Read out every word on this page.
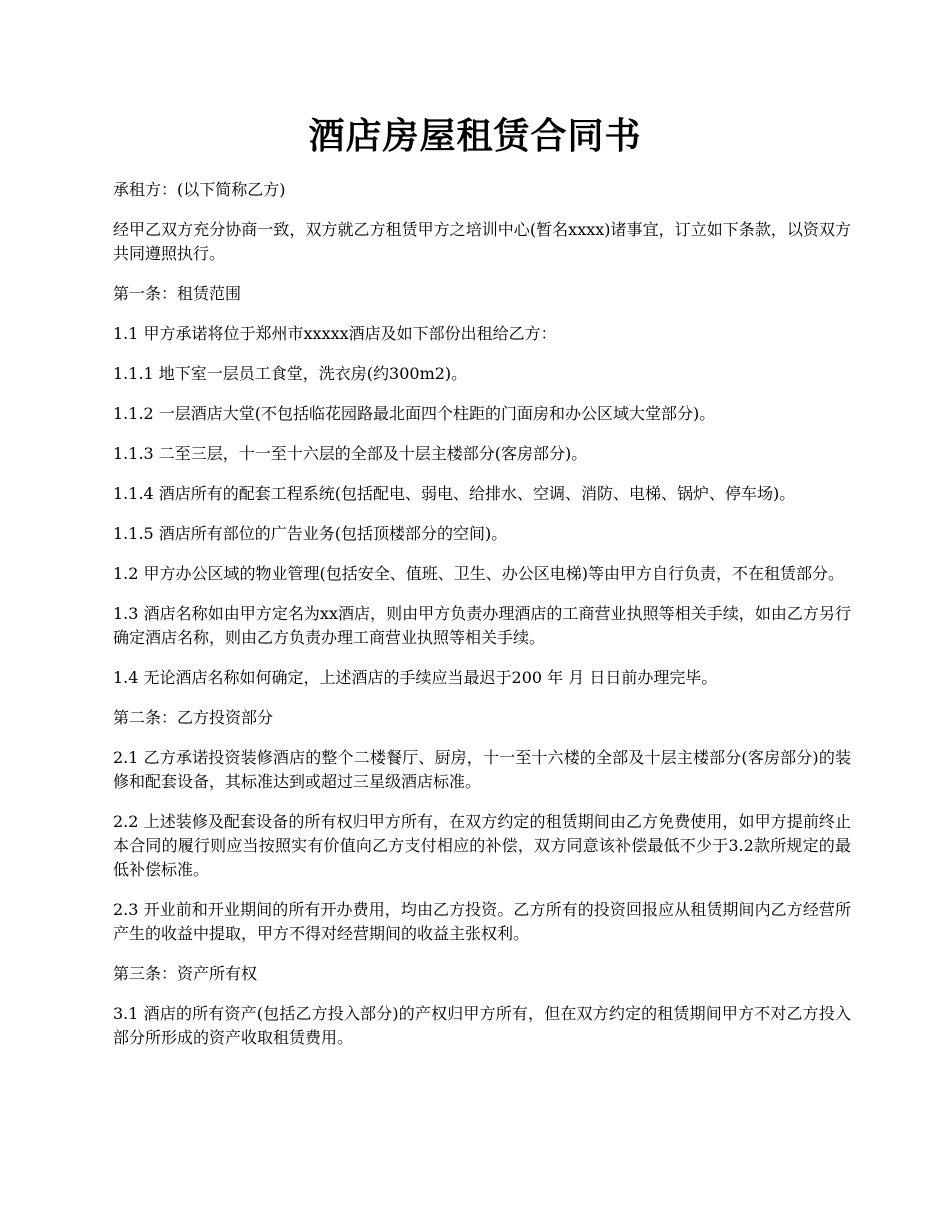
酒店房屋租赁合同书

承租方：(以下简称乙方)

经甲乙双方充分协商一致，双方就乙方租赁甲方之培训中心(暂名xxxx)诸事宜，订立如下条款，以资双方共同遵照执行。

第一条：租赁范围

1.1 甲方承诺将位于郑州市xxxxx酒店及如下部份出租给乙方：

1.1.1 地下室一层员工食堂，洗衣房(约300m2)。

1.1.2 一层酒店大堂(不包括临花园路最北面四个柱距的门面房和办公区域大堂部分)。

1.1.3 二至三层，十一至十六层的全部及十层主楼部分(客房部分)。

1.1.4 酒店所有的配套工程系统(包括配电、弱电、给排水、空调、消防、电梯、锅炉、停车场)。

1.1.5 酒店所有部位的广告业务(包括顶楼部分的空间)。

1.2 甲方办公区域的物业管理(包括安全、值班、卫生、办公区电梯)等由甲方自行负责，不在租赁部分。

1.3 酒店名称如由甲方定名为xx酒店，则由甲方负责办理酒店的工商营业执照等相关手续，如由乙方另行确定酒店名称，则由乙方负责办理工商营业执照等相关手续。

1.4 无论酒店名称如何确定，上述酒店的手续应当最迟于200 年 月 日日前办理完毕。

第二条：乙方投资部分

2.1 乙方承诺投资装修酒店的整个二楼餐厅、厨房，十一至十六楼的全部及十层主楼部分(客房部分)的装修和配套设备，其标准达到或超过三星级酒店标准。

2.2 上述装修及配套设备的所有权归甲方所有，在双方约定的租赁期间由乙方免费使用，如甲方提前终止本合同的履行则应当按照实有价值向乙方支付相应的补偿，双方同意该补偿最低不少于3.2款所规定的最低补偿标准。

2.3 开业前和开业期间的所有开办费用，均由乙方投资。乙方所有的投资回报应从租赁期间内乙方经营所产生的收益中提取，甲方不得对经营期间的收益主张权利。

第三条：资产所有权

3.1 酒店的所有资产(包括乙方投入部分)的产权归甲方所有，但在双方约定的租赁期间甲方不对乙方投入部分所形成的资产收取租赁费用。
